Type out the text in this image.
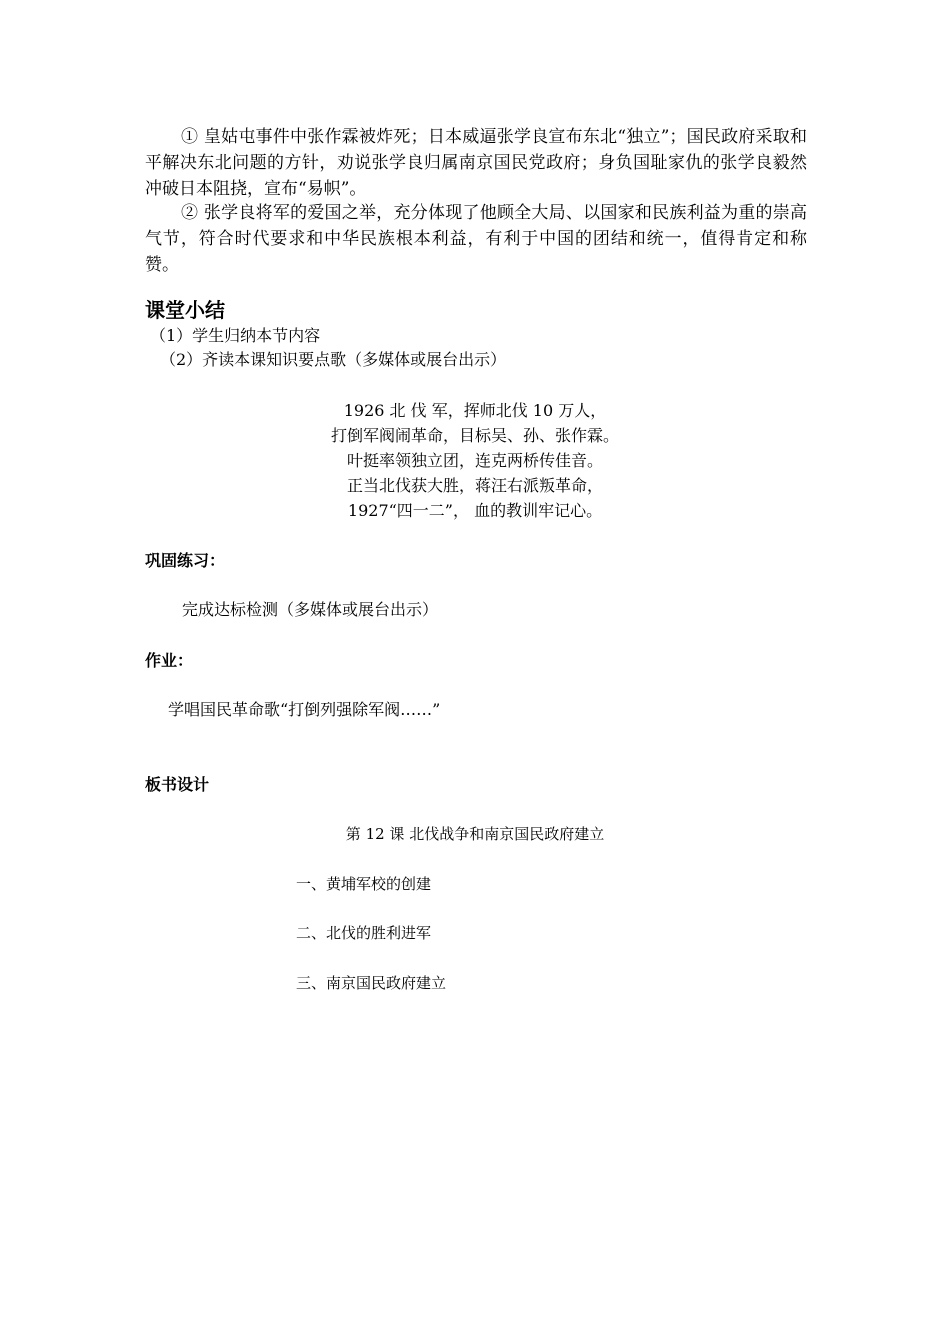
① 皇姑屯事件中张作霖被炸死；日本威逼张学良宣布东北“独立”；国民政府采取和平解决东北问题的方针，劝说张学良归属南京国民党政府；身负国耻家仇的张学良毅然冲破日本阻挠，宣布“易帜”。

② 张学良将军的爱国之举，充分体现了他顾全大局、以国家和民族利益为重的崇高气节，符合时代要求和中华民族根本利益，有利于中国的团结和统一，值得肯定和称赞。

课堂小结
（1）学生归纳本节内容
（2）齐读本课知识要点歌（多媒体或展台出示）
1926 北 伐 军，挥师北伐 10 万人，
打倒军阀闹革命，目标吴、孙、张作霖。
叶挺率领独立团，连克两桥传佳音。
正当北伐获大胜，蒋汪右派叛革命，
1927“四一二”， 血的教训牢记心。
巩固练习：
完成达标检测（多媒体或展台出示）
作业：
学唱国民革命歌“打倒列强除军阀……”
板书设计
第 12 课 北伐战争和南京国民政府建立
一、黄埔军校的创建
二、北伐的胜利进军
三、南京国民政府建立
